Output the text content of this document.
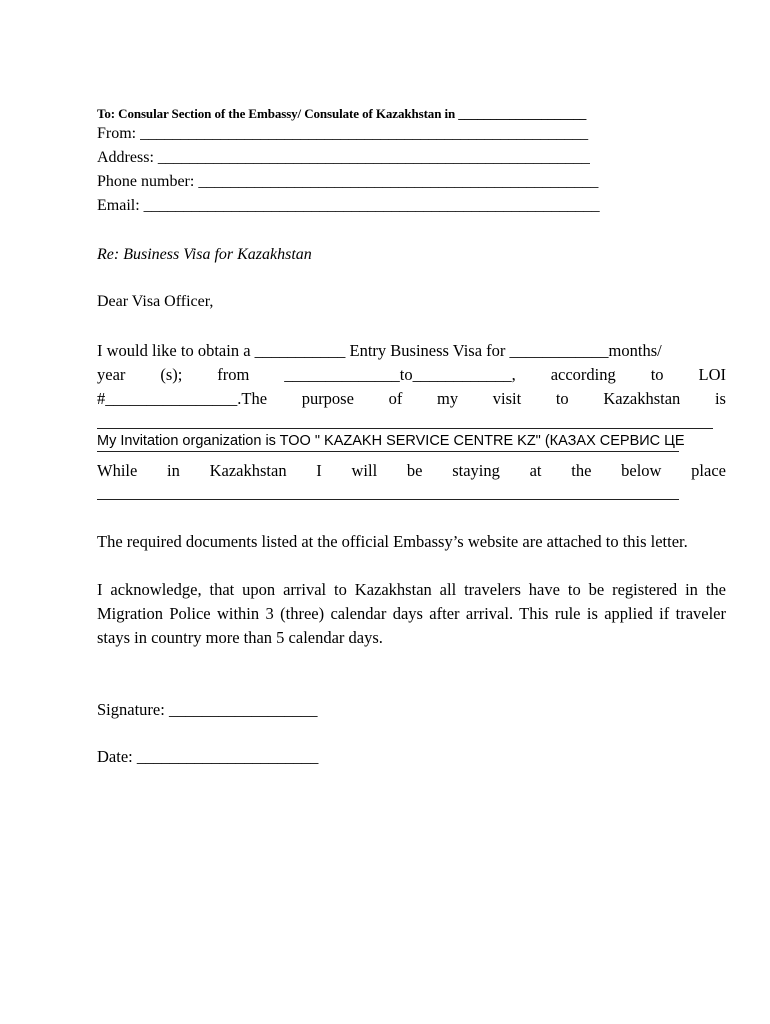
To: Consular Section of the Embassy/ Consulate of Kazakhstan in ____________________
From: ________________________________________________________
Address: ______________________________________________________
Phone number: __________________________________________________
Email: _________________________________________________________
Re: Business Visa for Kazakhstan
Dear Visa Officer,
I would like to obtain a ___________ Entry Business Visa for ____________months/
year (s); from ______________to____________, according to LOI
#________________.The purpose of my visit to Kazakhstan is
My Invitation organization is TOO " KAZAKH SERVICE CENTRE KZ" (КАЗАХ СЕРВИС ЦЕ
While in Kazakhstan I will be staying at the below place
The required documents listed at the official Embassy’s website are attached to this letter.
I acknowledge, that upon arrival to Kazakhstan all travelers have to be registered in the Migration Police within 3 (three) calendar days after arrival. This rule is applied if traveler stays in country more than 5 calendar days.
Signature: __________________
Date: ______________________
